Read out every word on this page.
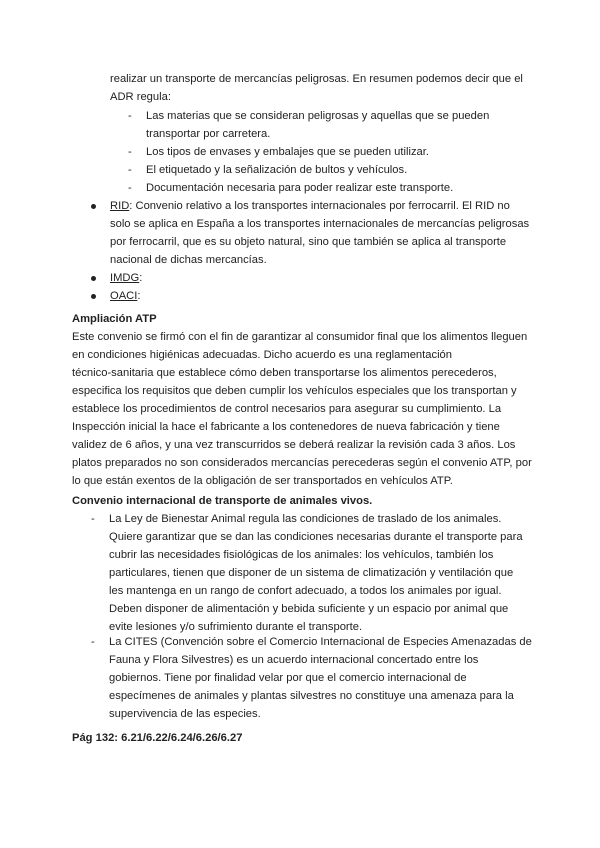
realizar un transporte de mercancías peligrosas. En resumen podemos decir que el
ADR regula:
- Las materias que se consideran peligrosas y aquellas que se pueden
transportar por carretera.
- Los tipos de envases y embalajes que se pueden utilizar.
- El etiquetado y la señalización de bultos y vehículos.
- Documentación necesaria para poder realizar este transporte.
RID: Convenio relativo a los transportes internacionales por ferrocarril. El RID no
solo se aplica en España a los transportes internacionales de mercancías peligrosas
por ferrocarril, que es su objeto natural, sino que también se aplica al transporte
nacional de dichas mercancías.
IMDG:
OACI:
Ampliación ATP
Este convenio se firmó con el fin de garantizar al consumidor final que los alimentos lleguen
en condiciones higiénicas adecuadas. Dicho acuerdo es una reglamentación
técnico-sanitaria que establece cómo deben transportarse los alimentos perecederos,
especifica los requisitos que deben cumplir los vehículos especiales que los transportan y
establece los procedimientos de control necesarios para asegurar su cumplimiento. La
Inspección inicial la hace el fabricante a los contenedores de nueva fabricación y tiene
validez de 6 años, y una vez transcurridos se deberá realizar la revisión cada 3 años. Los
platos preparados no son considerados mercancías perecederas según el convenio ATP, por
lo que están exentos de la obligación de ser transportados en vehículos ATP.
Convenio internacional de transporte de animales vivos.
- La Ley de Bienestar Animal regula las condiciones de traslado de los animales.
Quiere garantizar que se dan las condiciones necesarias durante el transporte para
cubrir las necesidades fisiológicas de los animales: los vehículos, también los
particulares, tienen que disponer de un sistema de climatización y ventilación que
les mantenga en un rango de confort adecuado, a todos los animales por igual.
Deben disponer de alimentación y bebida suficiente y un espacio por animal que
evite lesiones y/o sufrimiento durante el transporte.
- La CITES (Convención sobre el Comercio Internacional de Especies Amenazadas de
Fauna y Flora Silvestres) es un acuerdo internacional concertado entre los
gobiernos. Tiene por finalidad velar por que el comercio internacional de
especímenes de animales y plantas silvestres no constituye una amenaza para la
supervivencia de las especies.
Pág 132: 6.21/6.22/6.24/6.26/6.27
